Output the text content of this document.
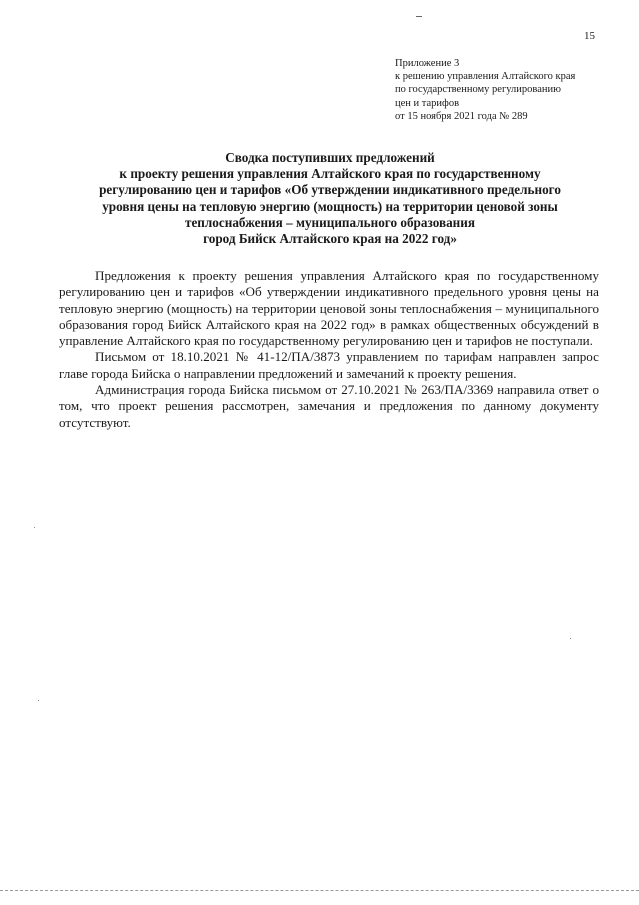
15
Приложение 3
к решению управления Алтайского края
по государственному регулированию
цен и тарифов
от 15 ноября 2021 года № 289
Сводка поступивших предложений
к проекту решения управления Алтайского края по государственному
регулированию цен и тарифов «Об утверждении индикативного предельного
уровня цены на тепловую энергию (мощность) на территории ценовой зоны
теплоснабжения – муниципального образования
город Бийск Алтайского края на 2022 год»

Предложения к проекту решения управления Алтайского края по государственному регулированию цен и тарифов «Об утверждении индикативного предельного уровня цены на тепловую энергию (мощность) на территории ценовой зоны теплоснабжения – муниципального образования город Бийск Алтайского края на 2022 год» в рамках общественных обсуждений в управление Алтайского края по государственному регулированию цен и тарифов не поступали.

Письмом от 18.10.2021 № 41-12/ПА/3873 управлением по тарифам направлен запрос главе города Бийска о направлении предложений и замечаний к проекту решения.

Администрация города Бийска письмом от 27.10.2021 № 263/ПА/3369 направила ответ о том, что проект решения рассмотрен, замечания и предложения по данному документу отсутствуют.
